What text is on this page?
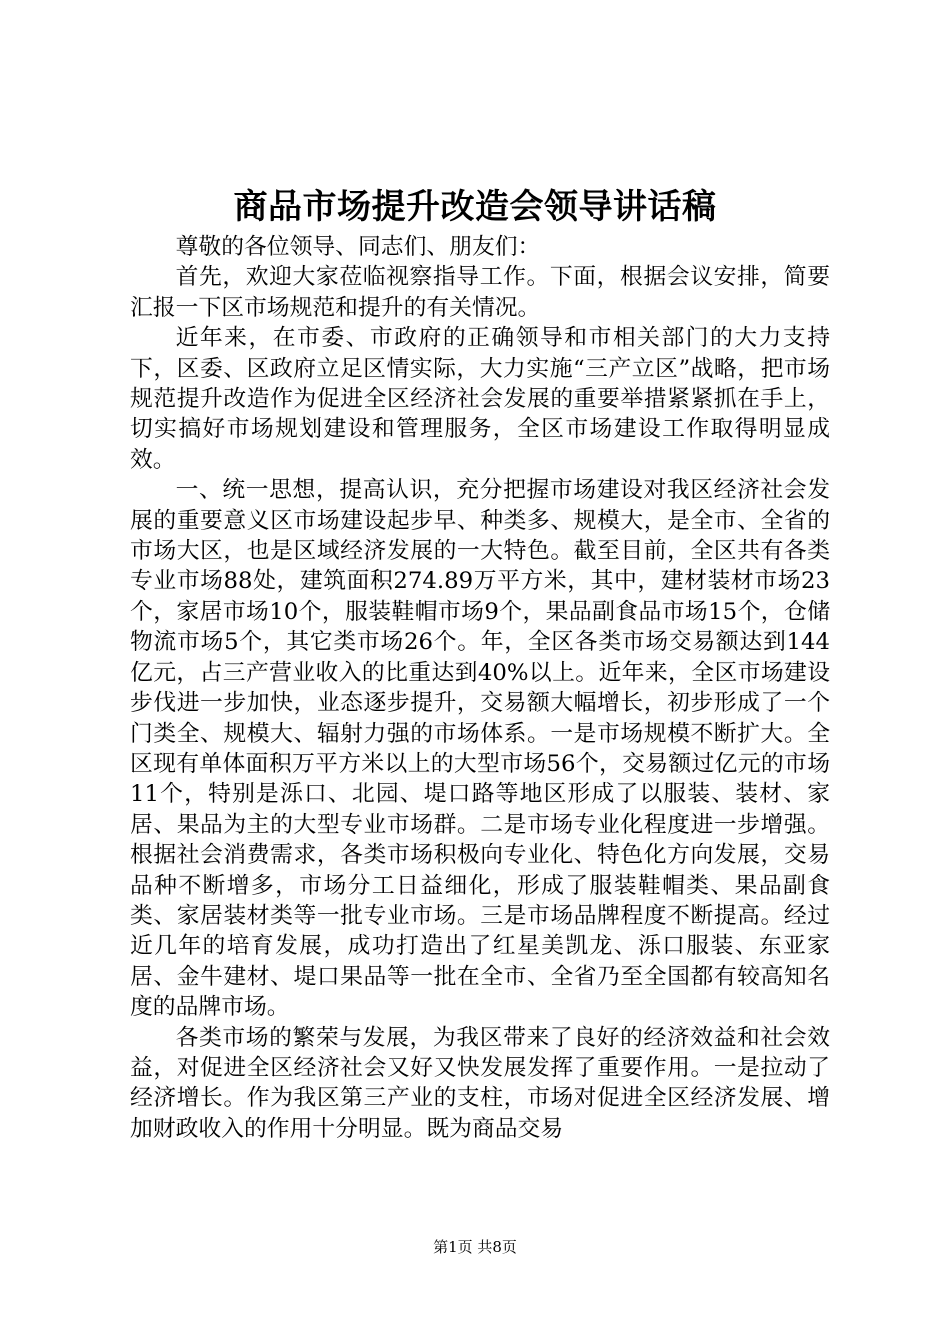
商品市场提升改造会领导讲话稿

尊敬的各位领导、同志们、朋友们：

首先，欢迎大家莅临视察指导工作。下面，根据会议安排，简要汇报一下区市场规范和提升的有关情况。

近年来，在市委、市政府的正确领导和市相关部门的大力支持下，区委、区政府立足区情实际，大力实施“三产立区”战略，把市场规范提升改造作为促进全区经济社会发展的重要举措紧紧抓在手上，切实搞好市场规划建设和管理服务，全区市场建设工作取得明显成效。

一、统一思想，提高认识，充分把握市场建设对我区经济社会发展的重要意义区市场建设起步早、种类多、规模大，是全市、全省的市场大区，也是区域经济发展的一大特色。截至目前，全区共有各类专业市场88处，建筑面积274.89万平方米，其中，建材装材市场23个，家居市场10个，服装鞋帽市场9个，果品副食品市场15个，仓储物流市场5个，其它类市场26个。年，全区各类市场交易额达到144亿元，占三产营业收入的比重达到40%以上。近年来，全区市场建设步伐进一步加快，业态逐步提升，交易额大幅增长，初步形成了一个门类全、规模大、辐射力强的市场体系。一是市场规模不断扩大。全区现有单体面积万平方米以上的大型市场56个，交易额过亿元的市场11个，特别是泺口、北园、堤口路等地区形成了以服装、装材、家居、果品为主的大型专业市场群。二是市场专业化程度进一步增强。根据社会消费需求，各类市场积极向专业化、特色化方向发展，交易品种不断增多，市场分工日益细化，形成了服装鞋帽类、果品副食类、家居装材类等一批专业市场。三是市场品牌程度不断提高。经过近几年的培育发展，成功打造出了红星美凯龙、泺口服装、东亚家居、金牛建材、堤口果品等一批在全市、全省乃至全国都有较高知名度的品牌市场。

各类市场的繁荣与发展，为我区带来了良好的经济效益和社会效益，对促进全区经济社会又好又快发展发挥了重要作用。一是拉动了经济增长。作为我区第三产业的支柱，市场对促进全区经济发展、增加财政收入的作用十分明显。既为商品交易

第1页 共8页
